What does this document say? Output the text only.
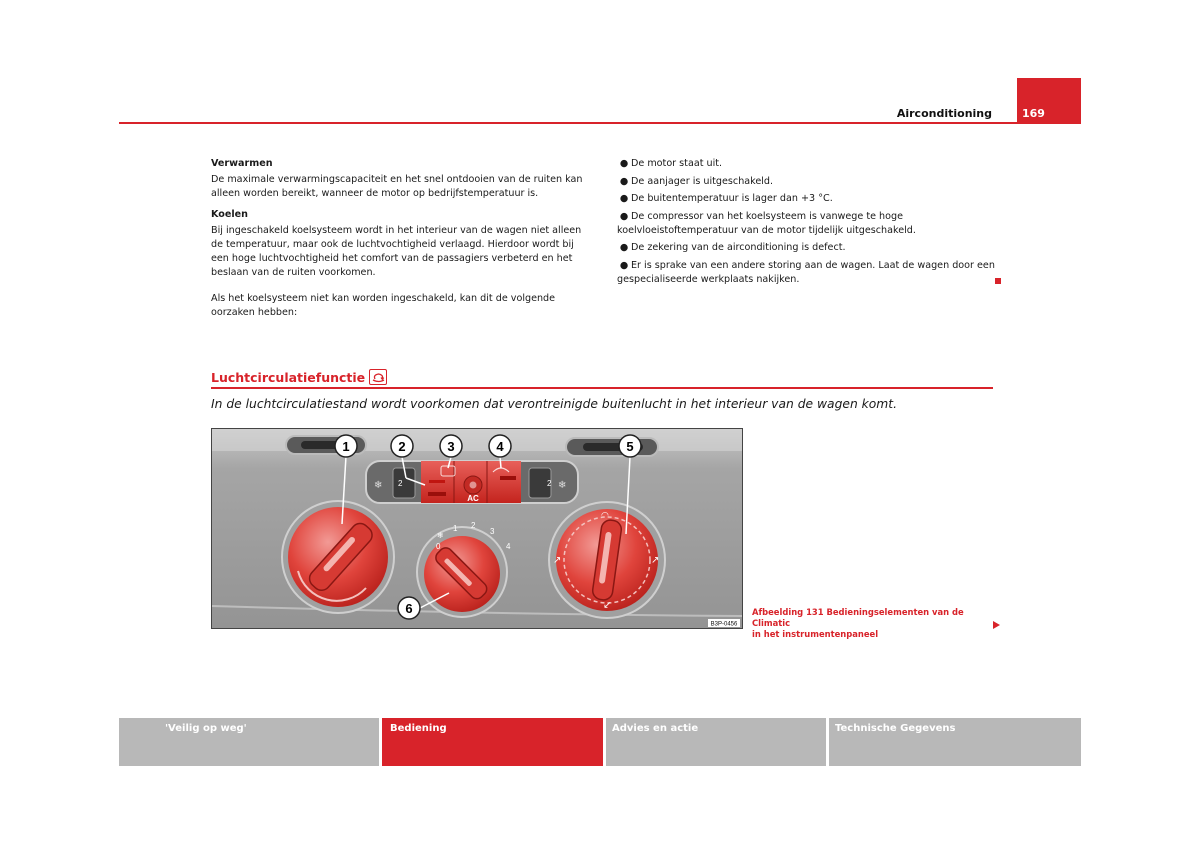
Airconditioning	169
Verwarmen

De maximale verwarmingscapaciteit en het snel ontdooien van de ruiten kan alleen worden bereikt, wanneer de motor op bedrijfstemperatuur is.

Koelen

Bij ingeschakeld koelsysteem wordt in het interieur van de wagen niet alleen de temperatuur, maar ook de luchtvochtigheid verlaagd. Hierdoor wordt bij een hoge luchtvochtigheid het comfort van de passagiers verbeterd en het beslaan van de ruiten voorkomen.

Als het koelsysteem niet kan worden ingeschakeld, kan dit de volgende oorzaken hebben:

● De motor staat uit.
● De aanjager is uitgeschakeld.
● De buitentemperatuur is lager dan +3 °C.
● De compressor van het koelsysteem is vanwege te hoge koelvloeistoftemperatuur van de motor tijdelijk uitgeschakeld.
● De zekering van de airconditioning is defect.
● Er is sprake van een andere storing aan de wagen. Laat de wagen door een gespecialiseerde werkplaats nakijken.
Luchtcirculatiefunctie
In de luchtcirculatiestand wordt voorkomen dat verontreinigde buitenlucht in het interieur van de wagen komt.
AC
2	2
❄	❄
0
1 2
3
4
❄
◠
↗	↗
↙
1	2	3	4	5
6
B3P-0456
Afbeelding 131 Bedieningselementen van de Climatic
in het instrumentenpaneel
'Veilig op weg'	Bediening	Advies en actie	Technische Gegevens
